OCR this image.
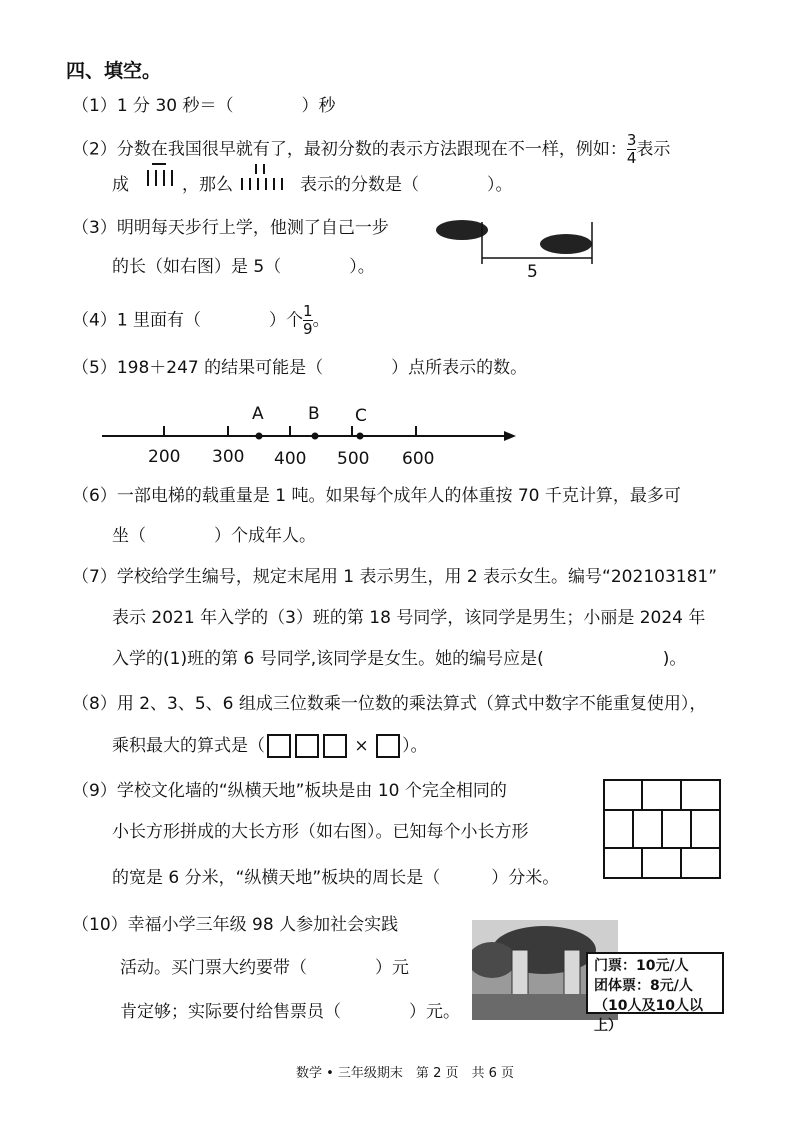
四、填空。
（1）1 分 30 秒＝（　　　　）秒
（2）分数在我国很早就有了，最初分数的表示方法跟现在不一样，例如：$\frac{3}{4}$表示
成	，那么	表示的分数是（　　　　）。
（3）明明每天步行上学，他测了自己一步
的长（如右图）是 5（　　　　）。	5
（4）1 里面有（　　　　）个$\frac{1}{9}$。
（5）198＋247 的结果可能是（　　　　）点所表示的数。
200 300 400 500 600
A	B C
（6）一部电梯的载重量是 1 吨。如果每个成年人的体重按 70 千克计算，最多可
坐（　　　　）个成年人。
（7）学校给学生编号，规定末尾用 1 表示男生，用 2 表示女生。编号“202103181”
表示 2021 年入学的（3）班的第 18 号同学，该同学是男生；小丽是 2024 年
入学的(1)班的第 6 号同学,该同学是女生。她的编号应是(　　　　　　　)。
（8）用 2、3、5、6 组成三位数乘一位数的乘法算式（算式中数字不能重复使用），
乘积最大的算式是（	× ）。
（9）学校文化墙的“纵横天地”板块是由 10 个完全相同的
小长方形拼成的大长方形（如右图）。已知每个小长方形
的宽是 6 分米，“纵横天地”板块的周长是（　　　）分米。
（10）幸福小学三年级 98 人参加社会实践
活动。买门票大约要带（　　　　）元
肯定够；实际要付给售票员（　　　　）元。
门票：10元/人
团体票：8元/人
（10人及10人以上）
数学 • 三年级期末　第 2 页　共 6 页
